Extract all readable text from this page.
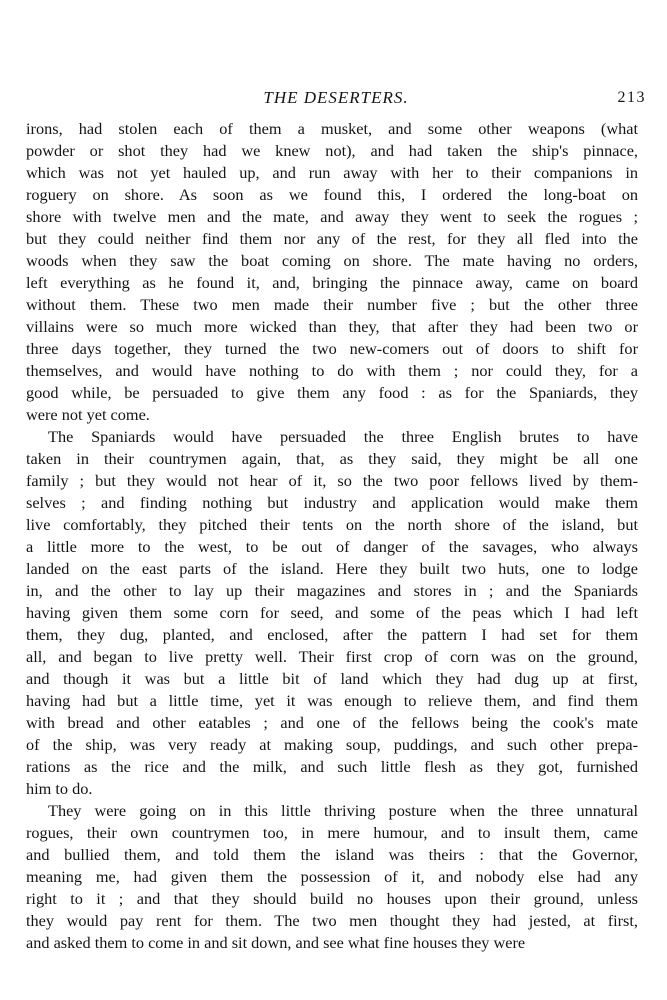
THE DESERTERS.	213
irons, had stolen each of them a musket, and some other weapons (what
powder or shot they had we knew not), and had taken the ship's pinnace,
which was not yet hauled up, and run away with her to their companions in
roguery on shore. As soon as we found this, I ordered the long-boat on
shore with twelve men and the mate, and away they went to seek the rogues ;
but they could neither find them nor any of the rest, for they all fled into the
woods when they saw the boat coming on shore. The mate having no orders,
left everything as he found it, and, bringing the pinnace away, came on board
without them. These two men made their number five ; but the other three
villains were so much more wicked than they, that after they had been two or
three days together, they turned the two new-comers out of doors to shift for
themselves, and would have nothing to do with them ; nor could they, for a
good while, be persuaded to give them any food : as for the Spaniards, they
were not yet come.
The Spaniards would have persuaded the three English brutes to have
taken in their countrymen again, that, as they said, they might be all one
family ; but they would not hear of it, so the two poor fellows lived by them-
selves ; and finding nothing but industry and application would make them
live comfortably, they pitched their tents on the north shore of the island, but
a little more to the west, to be out of danger of the savages, who always
landed on the east parts of the island. Here they built two huts, one to lodge
in, and the other to lay up their magazines and stores in ; and the Spaniards
having given them some corn for seed, and some of the peas which I had left
them, they dug, planted, and enclosed, after the pattern I had set for them
all, and began to live pretty well. Their first crop of corn was on the ground,
and though it was but a little bit of land which they had dug up at first,
having had but a little time, yet it was enough to relieve them, and find them
with bread and other eatables ; and one of the fellows being the cook's mate
of the ship, was very ready at making soup, puddings, and such other prepa-
rations as the rice and the milk, and such little flesh as they got, furnished
him to do.
They were going on in this little thriving posture when the three unnatural
rogues, their own countrymen too, in mere humour, and to insult them, came
and bullied them, and told them the island was theirs : that the Governor,
meaning me, had given them the possession of it, and nobody else had any
right to it ; and that they should build no houses upon their ground, unless
they would pay rent for them. The two men thought they had jested, at first,
and asked them to come in and sit down, and see what fine houses they were
